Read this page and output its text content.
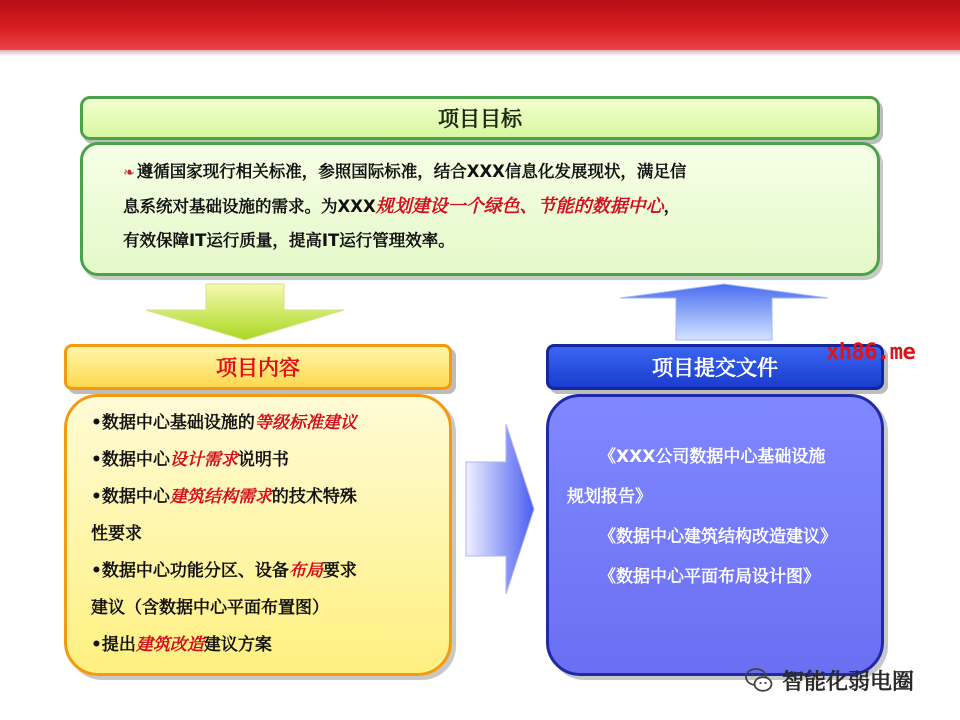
项目目标
❧ 遵循国家现行相关标准，参照国际标准，结合XXX信息化发展现状，满足信
息系统对基础设施的需求。为XXX规划建设一个绿色、节能的数据中心，
有效保障IT运行质量，提高IT运行管理效率。
项目内容
•数据中心基础设施的等级标准建议
•数据中心设计需求说明书
•数据中心建筑结构需求的技术特殊
性要求
•数据中心功能分区、设备布局要求
建议（含数据中心平面布置图）
•提出建筑改造建议方案
项目提交文件
《XXX公司数据中心基础设施
规划报告》
《数据中心建筑结构改造建议》
《数据中心平面布局设计图》
xh86.me
智能化弱电圈
